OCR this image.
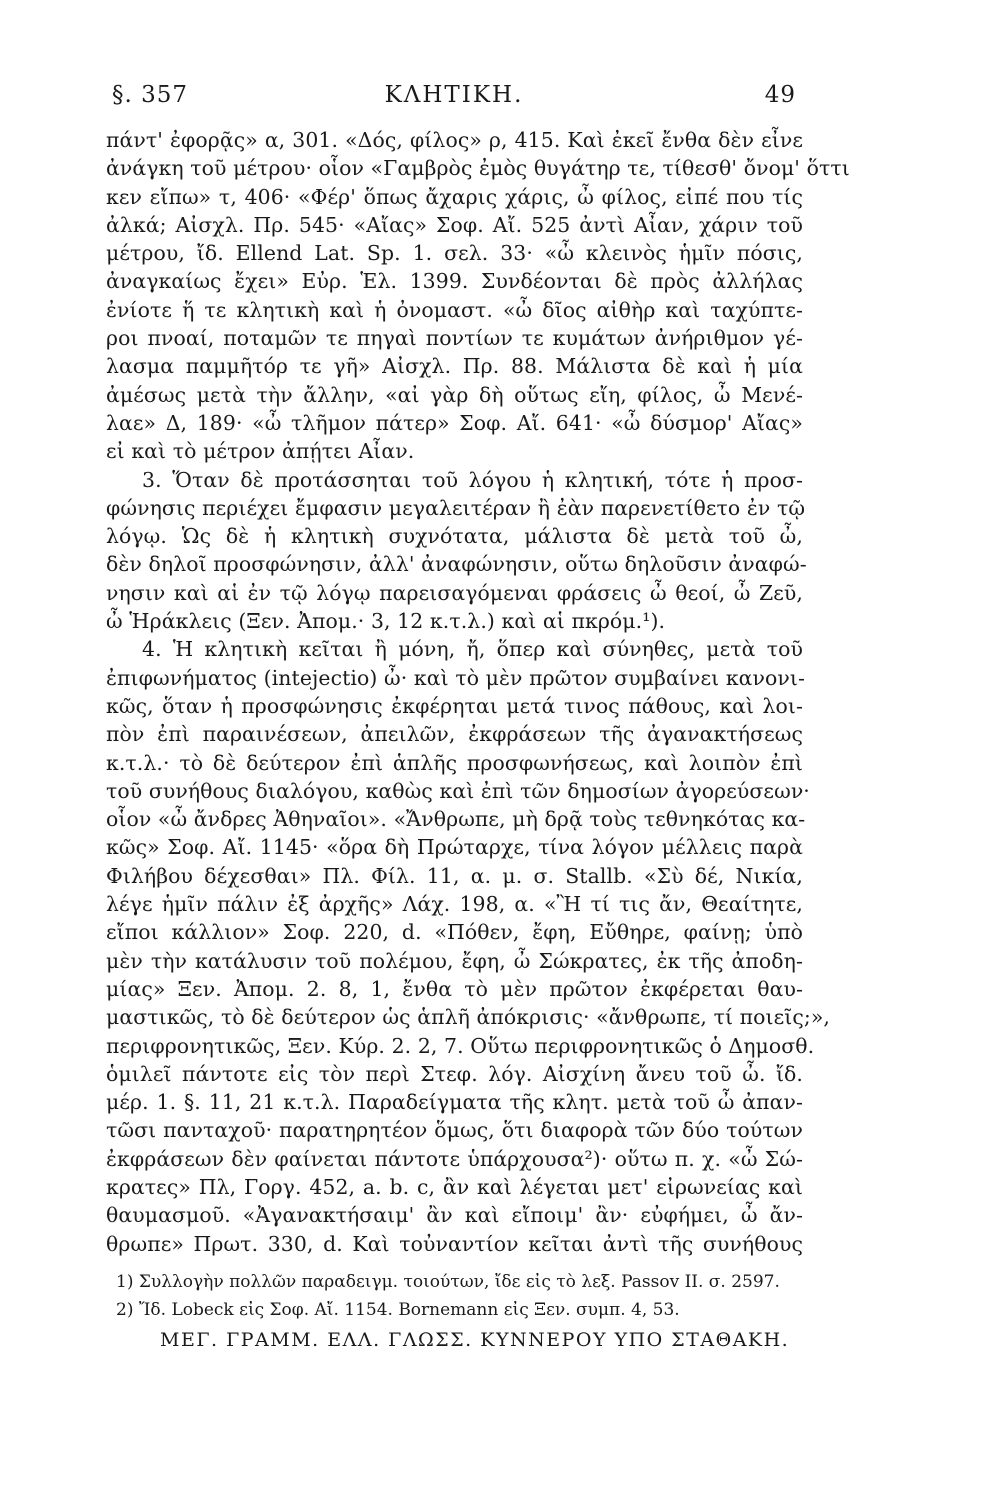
§. 357	ΚΛΗΤΙΚΗ.	49
πάντ' ἐφορᾷς» α, 301. «Δός, φίλος» ρ, 415. Καὶ ἐκεῖ ἔνθα δὲν εἶνε
ἀνάγκη τοῦ μέτρου· οἷον «Γαμβρὸς ἐμὸς θυγάτηρ τε, τίθεσθ' ὄνομ' ὅττι
κεν εἴπω» τ, 406· «Φέρ' ὅπως ἄχαρις χάρις, ὦ φίλος, εἰπέ που τίς
ἀλκά; Αἰσχλ. Πρ. 545· «Αἴας» Σοφ. Αἴ. 525 ἀντὶ Αἶαν, χάριν τοῦ
μέτρου, ἴδ. Ellend Lat. Sp. 1. σελ. 33· «ὦ κλεινὸς ἡμῖν πόσις,
ἀναγκαίως ἔχει» Εὐρ. Ἑλ. 1399. Συνδέονται δὲ πρὸς ἀλλήλας
ἐνίοτε ἥ τε κλητικὴ καὶ ἡ ὀνομαστ. «ὦ δῖος αἰθὴρ καὶ ταχύπτε-
ροι πνοαί, ποταμῶν τε πηγαὶ ποντίων τε κυμάτων ἀνήριθμον γέ-
λασμα παμμῆτόρ τε γῆ» Αἰσχλ. Πρ. 88. Μάλιστα δὲ καὶ ἡ μία
ἀμέσως μετὰ τὴν ἄλλην, «αἰ γὰρ δὴ οὕτως εἴη, φίλος, ὦ Μενέ-
λαε» Δ, 189· «ὦ τλῆμον πάτερ» Σοφ. Αἴ. 641· «ὦ δύσμορ' Αἴας»
εἰ καὶ τὸ μέτρον ἀπῄτει Αἶαν.
3. Ὅταν δὲ προτάσσηται τοῦ λόγου ἡ κλητική, τότε ἡ προσ-
φώνησις περιέχει ἔμφασιν μεγαλειτέραν ἢ ἐὰν παρενετίθετο ἐν τῷ
λόγῳ. Ὡς δὲ ἡ κλητικὴ συχνότατα, μάλιστα δὲ μετὰ τοῦ ὦ,
δὲν δηλοῖ προσφώνησιν, ἀλλ' ἀναφώνησιν, οὕτω δηλοῦσιν ἀναφώ-
νησιν καὶ αἱ ἐν τῷ λόγῳ παρεισαγόμεναι φράσεις ὦ θεοί, ὦ Ζεῦ,
ὦ Ἡράκλεις (Ξεν. Ἀπομ.· 3, 12 κ.τ.λ.) καὶ αἱ πκρόμ.¹).
4. Ἡ κλητικὴ κεῖται ἢ μόνη, ἤ, ὅπερ καὶ σύνηθες, μετὰ τοῦ
ἐπιφωνήματος (intejectio) ὦ· καὶ τὸ μὲν πρῶτον συμβαίνει κανονι-
κῶς, ὅταν ἡ προσφώνησις ἐκφέρηται μετά τινος πάθους, καὶ λοι-
πὸν ἐπὶ παραινέσεων, ἀπειλῶν, ἐκφράσεων τῆς ἀγανακτήσεως
κ.τ.λ.· τὸ δὲ δεύτερον ἐπὶ ἁπλῆς προσφωνήσεως, καὶ λοιπὸν ἐπὶ
τοῦ συνήθους διαλόγου, καθὼς καὶ ἐπὶ τῶν δημοσίων ἀγορεύσεων·
οἷον «ὦ ἄνδρες Ἀθηναῖοι». «Ἄνθρωπε, μὴ δρᾷ τοὺς τεθνηκότας κα-
κῶς» Σοφ. Αἴ. 1145· «ὅρα δὴ Πρώταρχε, τίνα λόγον μέλλεις παρὰ
Φιλήβου δέχεσθαι» Πλ. Φίλ. 11, α. μ. σ. Stallb. «Σὺ δέ, Νικία,
λέγε ἡμῖν πάλιν ἐξ ἀρχῆς» Λάχ. 198, α. «Ἢ τί τις ἄν, Θεαίτητε,
εἴποι κάλλιον» Σοφ. 220, d. «Πόθεν, ἔφη, Εὔθηρε, φαίνῃ; ὑπὸ
μὲν τὴν κατάλυσιν τοῦ πολέμου, ἔφη, ὦ Σώκρατες, ἐκ τῆς ἀποδη-
μίας» Ξεν. Ἀπομ. 2. 8, 1, ἔνθα τὸ μὲν πρῶτον ἐκφέρεται θαυ-
μαστικῶς, τὸ δὲ δεύτερον ὡς ἁπλῆ ἀπόκρισις· «ἄνθρωπε, τί ποιεῖς;»,
περιφρονητικῶς, Ξεν. Κύρ. 2. 2, 7. Οὕτω περιφρονητικῶς ὁ Δημοσθ.
ὁμιλεῖ πάντοτε εἰς τὸν περὶ Στεφ. λόγ. Αἰσχίνη ἄνευ τοῦ ὦ. ἴδ.
μέρ. 1. §. 11, 21 κ.τ.λ. Παραδείγματα τῆς κλητ. μετὰ τοῦ ὦ ἀπαν-
τῶσι πανταχοῦ· παρατηρητέον ὅμως, ὅτι διαφορὰ τῶν δύο τούτων
ἐκφράσεων δὲν φαίνεται πάντοτε ὑπάρχουσα²)· οὕτω π. χ. «ὦ Σώ-
κρατες» Πλ, Γοργ. 452, a. b. c, ἂν καὶ λέγεται μετ' εἰρωνείας καὶ
θαυμασμοῦ. «Ἀγανακτήσαιμ' ἂν καὶ εἴποιμ' ἂν· εὐφήμει, ὦ ἄν-
θρωπε» Πρωτ. 330, d. Καὶ τοὐναντίον κεῖται ἀντὶ τῆς συνήθους
1) Συλλογὴν πολλῶν παραδειγμ. τοιούτων, ἴδε εἰς τὸ λεξ. Passov II. σ. 2597.
2) Ἴδ. Lobeck εἰς Σοφ. Αἴ. 1154. Bornemann εἰς Ξεν. συμπ. 4, 53.
ΜΕΓ. ΓΡΑΜΜ. ΕΛΛ. ΓΛΩΣΣ. ΚΥΝΝΕΡΟΥ ΥΠΟ ΣΤΑΘΑΚΗ.
